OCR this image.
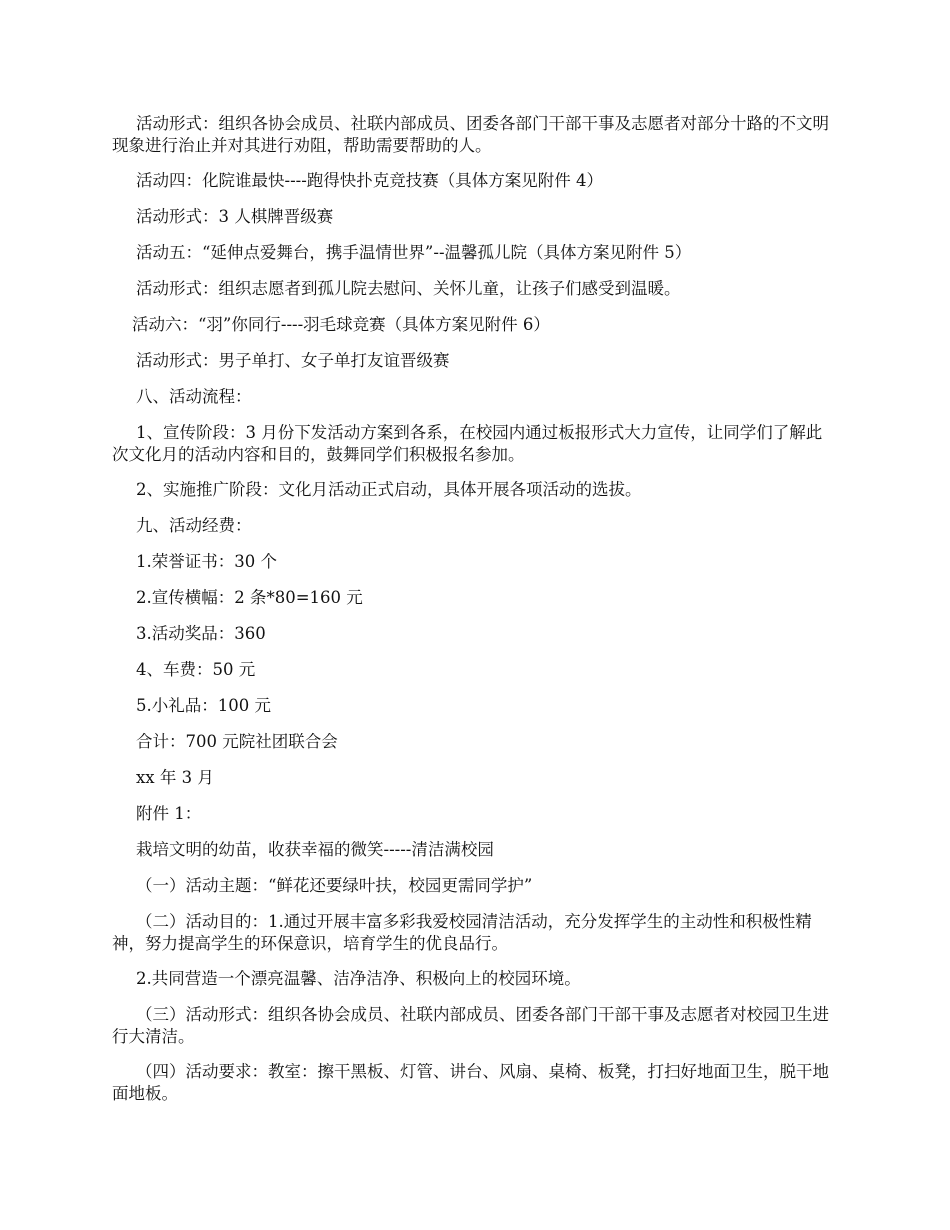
活动形式：组织各协会成员、社联内部成员、团委各部门干部干事及志愿者对部分十路的不文明现象进行治止并对其进行劝阻，帮助需要帮助的人。

活动四：化院谁最快----跑得快扑克竞技赛（具体方案见附件 4）

活动形式：3 人棋牌晋级赛

活动五：“延伸点爱舞台，携手温情世界”--温馨孤儿院（具体方案见附件 5）

活动形式：组织志愿者到孤儿院去慰问、关怀儿童，让孩子们感受到温暖。

活动六：“羽”你同行----羽毛球竞赛（具体方案见附件 6）

活动形式：男子单打、女子单打友谊晋级赛

八、活动流程：

1、宣传阶段：3 月份下发活动方案到各系，在校园内通过板报形式大力宣传，让同学们了解此次文化月的活动内容和目的，鼓舞同学们积极报名参加。

2、实施推广阶段：文化月活动正式启动，具体开展各项活动的选拔。

九、活动经费：

1.荣誉证书：30 个

2.宣传横幅：2 条*80=160 元

3.活动奖品：360

4、车费：50 元

5.小礼品：100 元

合计：700 元院社团联合会

xx 年 3 月

附件 1：

栽培文明的幼苗，收获幸福的微笑-----清洁满校园

（一）活动主题：“鲜花还要绿叶扶，校园更需同学护”

（二）活动目的：1.通过开展丰富多彩我爱校园清洁活动，充分发挥学生的主动性和积极性精神，努力提高学生的环保意识，培育学生的优良品行。

2.共同营造一个漂亮温馨、洁净洁净、积极向上的校园环境。

（三）活动形式：组织各协会成员、社联内部成员、团委各部门干部干事及志愿者对校园卫生进行大清洁。

（四）活动要求：教室：擦干黑板、灯管、讲台、风扇、桌椅、板凳，打扫好地面卫生，脱干地面地板。
